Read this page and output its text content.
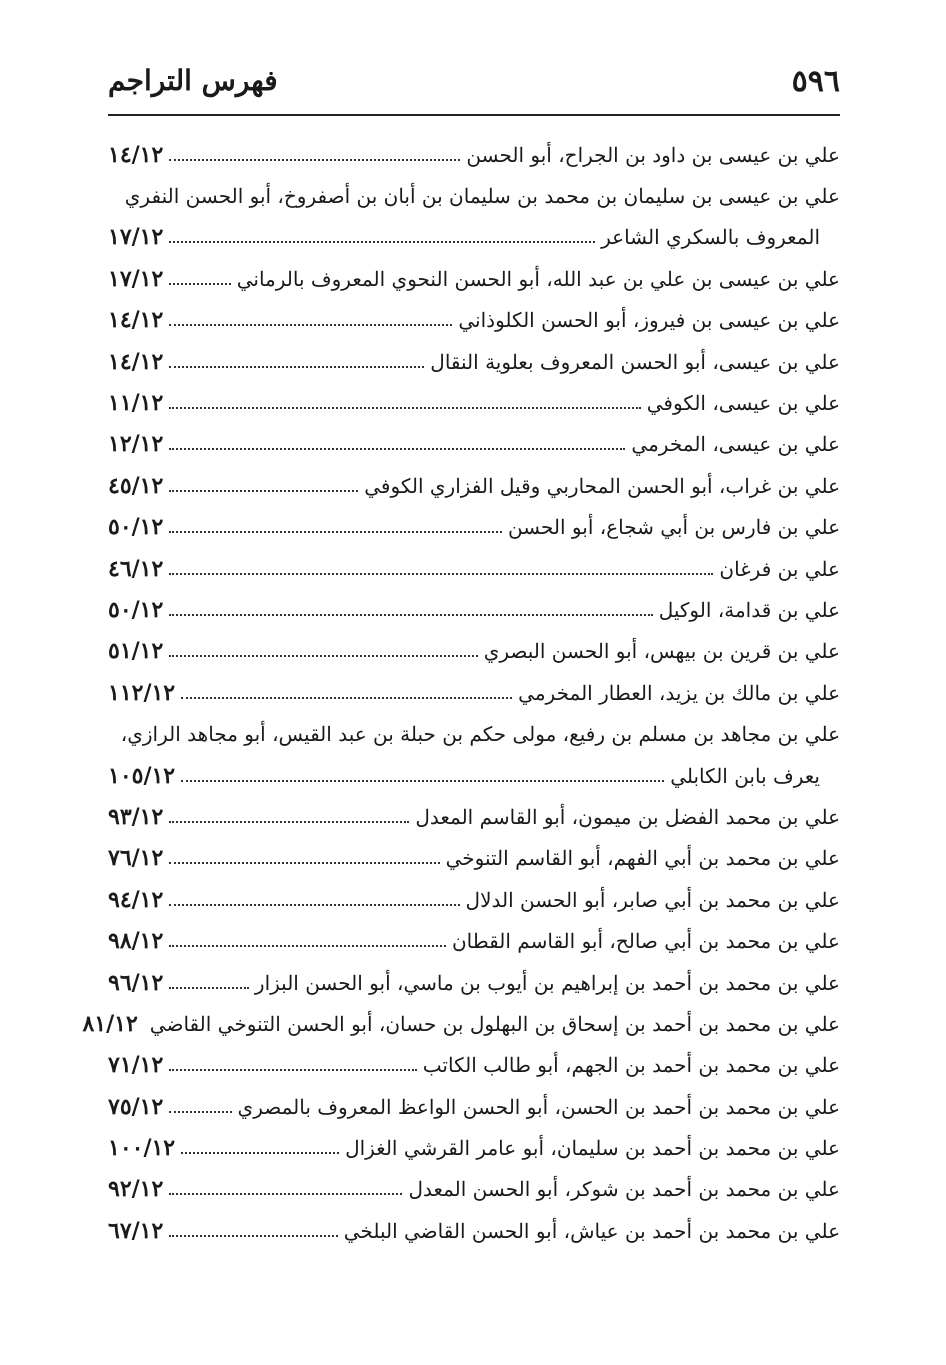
٥٩٦
فهرس التراجم
علي بن عيسى بن داود بن الجراح، أبو الحسن
١٤/١٢
علي بن عيسى بن سليمان بن محمد بن سليمان بن أبان بن أصفروخ، أبو الحسن النفري
المعروف بالسكري الشاعر
١٧/١٢
علي بن عيسى بن علي بن عبد الله، أبو الحسن النحوي المعروف بالرماني
١٧/١٢
علي بن عيسى بن فيروز، أبو الحسن الكلوذاني
١٤/١٢
علي بن عيسى، أبو الحسن المعروف بعلوية النقال
١٤/١٢
علي بن عيسى، الكوفي
١١/١٢
علي بن عيسى، المخرمي
١٢/١٢
علي بن غراب، أبو الحسن المحاربي وقيل الفزاري الكوفي
٤٥/١٢
علي بن فارس بن أبي شجاع، أبو الحسن
٥٠/١٢
علي بن فرغان
٤٦/١٢
علي بن قدامة، الوكيل
٥٠/١٢
علي بن قرين بن بيهس، أبو الحسن البصري
٥١/١٢
علي بن مالك بن يزيد، العطار المخرمي
١١٢/١٢
علي بن مجاهد بن مسلم بن رفيع، مولى حكم بن حبلة بن عبد القيس، أبو مجاهد الرازي،
يعرف بابن الكابلي
١٠٥/١٢
علي بن محمد الفضل بن ميمون، أبو القاسم المعدل
٩٣/١٢
علي بن محمد بن أبي الفهم، أبو القاسم التنوخي
٧٦/١٢
علي بن محمد بن أبي صابر، أبو الحسن الدلال
٩٤/١٢
علي بن محمد بن أبي صالح، أبو القاسم القطان
٩٨/١٢
علي بن محمد بن أحمد بن إبراهيم بن أيوب بن ماسي، أبو الحسن البزار
٩٦/١٢
علي بن محمد بن أحمد بن إسحاق بن البهلول بن حسان، أبو الحسن التنوخي القاضي
٨١/١٢
علي بن محمد بن أحمد بن الجهم، أبو طالب الكاتب
٧١/١٢
علي بن محمد بن أحمد بن الحسن، أبو الحسن الواعظ المعروف بالمصري
٧٥/١٢
علي بن محمد بن أحمد بن سليمان، أبو عامر القرشي الغزال
١٠٠/١٢
علي بن محمد بن أحمد بن شوكر، أبو الحسن المعدل
٩٢/١٢
علي بن محمد بن أحمد بن عياش، أبو الحسن القاضي البلخي
٦٧/١٢
